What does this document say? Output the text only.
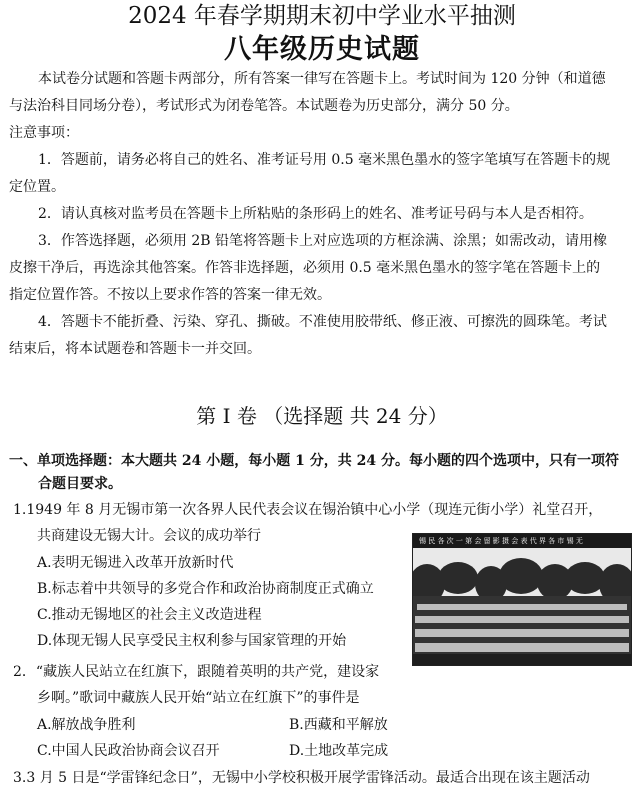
2024 年春学期期末初中学业水平抽测
八年级历史试题
本试卷分试题和答题卡两部分，所有答案一律写在答题卡上。考试时间为 120 分钟（和道德
与法治科目同场分卷），考试形式为闭卷笔答。本试题卷为历史部分，满分 50 分。
注意事项：
1．答题前，请务必将自己的姓名、准考证号用 0.5 毫米黑色墨水的签字笔填写在答题卡的规
定位置。
2．请认真核对监考员在答题卡上所粘贴的条形码上的姓名、准考证号码与本人是否相符。
3．作答选择题，必须用 2B 铅笔将答题卡上对应选项的方框涂满、涂黑；如需改动，请用橡
皮擦干净后，再选涂其他答案。作答非选择题，必须用 0.5 毫米黑色墨水的签字笔在答题卡上的
指定位置作答。不按以上要求作答的答案一律无效。
4．答题卡不能折叠、污染、穿孔、撕破。不准使用胶带纸、修正液、可擦洗的圆珠笔。考试
结束后，将本试题卷和答题卡一并交回。
第 Ⅰ 卷 （选择题 共 24 分）
一、单项选择题：本大题共 24 小题，每小题 1 分，共 24 分。每小题的四个选项中，只有一项符
合题目要求。
1.1949 年 8 月无锡市第一次各界人民代表会议在锡治镇中心小学（现连元街小学）礼堂召开，
共商建设无锡大计。会议的成功举行
A.表明无锡进入改革开放新时代
B.标志着中共领导的多党合作和政治协商制度正式确立
C.推动无锡地区的社会主义改造进程
D.体现无锡人民享受民主权利参与国家管理的开始
锡 民 各 次 一 第 会 留 影 摄 会 表 代 界 各 市 锡 无
2．“藏族人民站立在红旗下，跟随着英明的共产党，建设家
乡啊。”歌词中藏族人民开始“站立在红旗下”的事件是
A.解放战争胜利	B.西藏和平解放
C.中国人民政治协商会议召开	D.土地改革完成
3.3 月 5 日是“学雷锋纪念日”，无锡中小学校积极开展学雷锋活动。最适合出现在该主题活动
